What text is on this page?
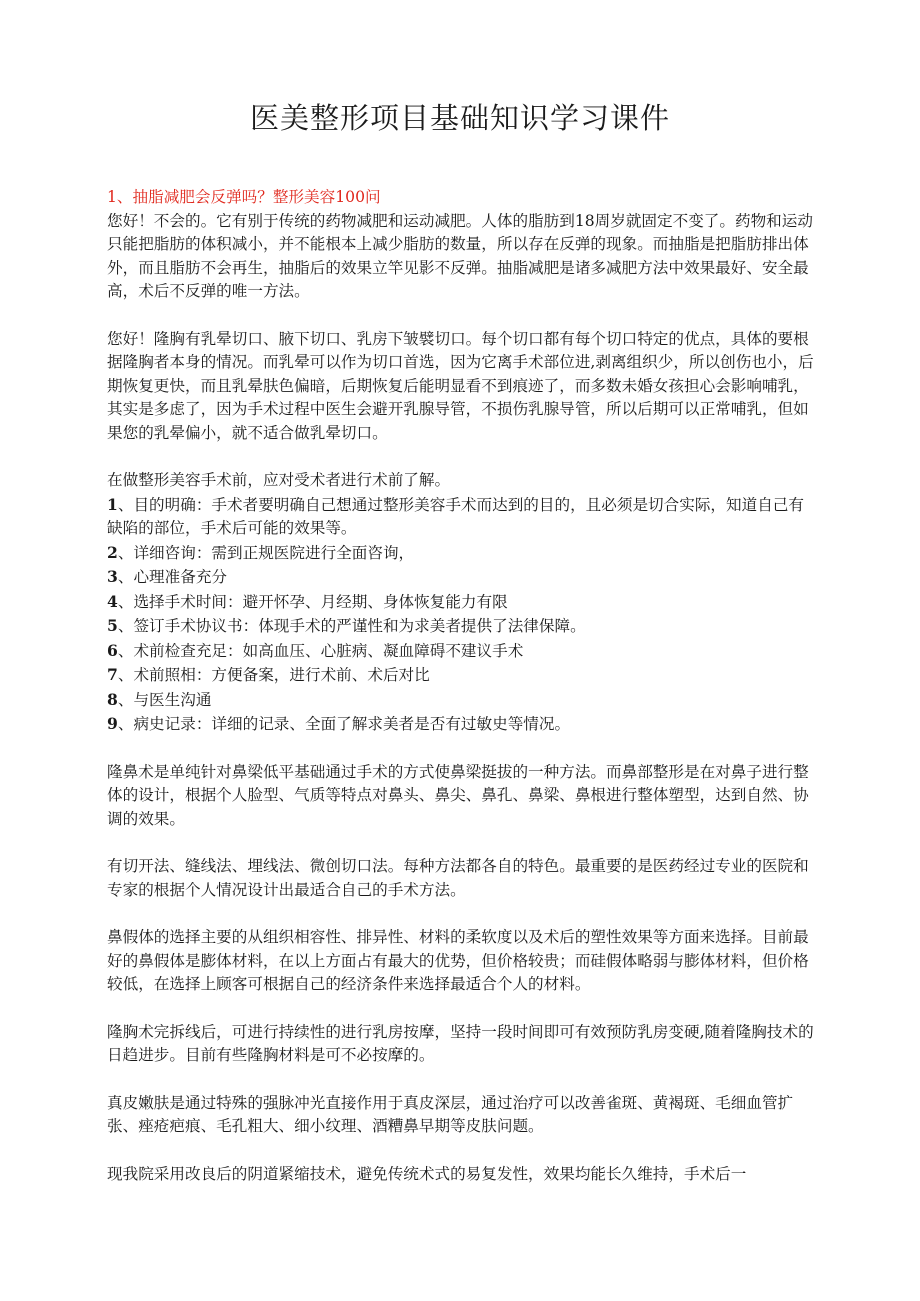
医美整形项目基础知识学习课件

1、抽脂减肥会反弹吗？整形美容100问

您好！不会的。它有别于传统的药物减肥和运动减肥。人体的脂肪到18周岁就固定不变了。药物和运动只能把脂肪的体积减小，并不能根本上减少脂肪的数量，所以存在反弹的现象。而抽脂是把脂肪排出体外，而且脂肪不会再生，抽脂后的效果立竿见影不反弹。抽脂减肥是诸多减肥方法中效果最好、安全最高，术后不反弹的唯一方法。

您好！隆胸有乳晕切口、腋下切口、乳房下皱襞切口。每个切口都有每个切口特定的优点，具体的要根据隆胸者本身的情况。而乳晕可以作为切口首选，因为它离手术部位进,剥离组织少，所以创伤也小，后期恢复更快，而且乳晕肤色偏暗，后期恢复后能明显看不到痕迹了，而多数未婚女孩担心会影响哺乳，其实是多虑了，因为手术过程中医生会避开乳腺导管，不损伤乳腺导管，所以后期可以正常哺乳，但如果您的乳晕偏小，就不适合做乳晕切口。

在做整形美容手术前，应对受术者进行术前了解。

1、目的明确：手术者要明确自己想通过整形美容手术而达到的目的，且必须是切合实际，知道自己有缺陷的部位，手术后可能的效果等。

2、详细咨询：需到正规医院进行全面咨询，

3、心理准备充分

4、选择手术时间：避开怀孕、月经期、身体恢复能力有限

5、签订手术协议书：体现手术的严谨性和为求美者提供了法律保障。

6、术前检查充足：如高血压、心脏病、凝血障碍不建议手术

7、术前照相：方便备案，进行术前、术后对比

8、与医生沟通

9、病史记录：详细的记录、全面了解求美者是否有过敏史等情况。

隆鼻术是单纯针对鼻梁低平基础通过手术的方式使鼻梁挺拔的一种方法。而鼻部整形是在对鼻子进行整体的设计，根据个人脸型、气质等特点对鼻头、鼻尖、鼻孔、鼻梁、鼻根进行整体塑型，达到自然、协调的效果。

有切开法、缝线法、埋线法、微创切口法。每种方法都各自的特色。最重要的是医药经过专业的医院和专家的根据个人情况设计出最适合自己的手术方法。

鼻假体的选择主要的从组织相容性、排异性、材料的柔软度以及术后的塑性效果等方面来选择。目前最好的鼻假体是膨体材料，在以上方面占有最大的优势，但价格较贵；而硅假体略弱与膨体材料，但价格较低，在选择上顾客可根据自己的经济条件来选择最适合个人的材料。

隆胸术完拆线后，可进行持续性的进行乳房按摩，坚持一段时间即可有效预防乳房变硬,随着隆胸技术的日趋进步。目前有些隆胸材料是可不必按摩的。

真皮嫩肤是通过特殊的强脉冲光直接作用于真皮深层，通过治疗可以改善雀斑、黄褐斑、毛细血管扩张、痤疮疤痕、毛孔粗大、细小纹理、酒糟鼻早期等皮肤问题。

现我院采用改良后的阴道紧缩技术，避免传统术式的易复发性，效果均能长久维持，手术后一
